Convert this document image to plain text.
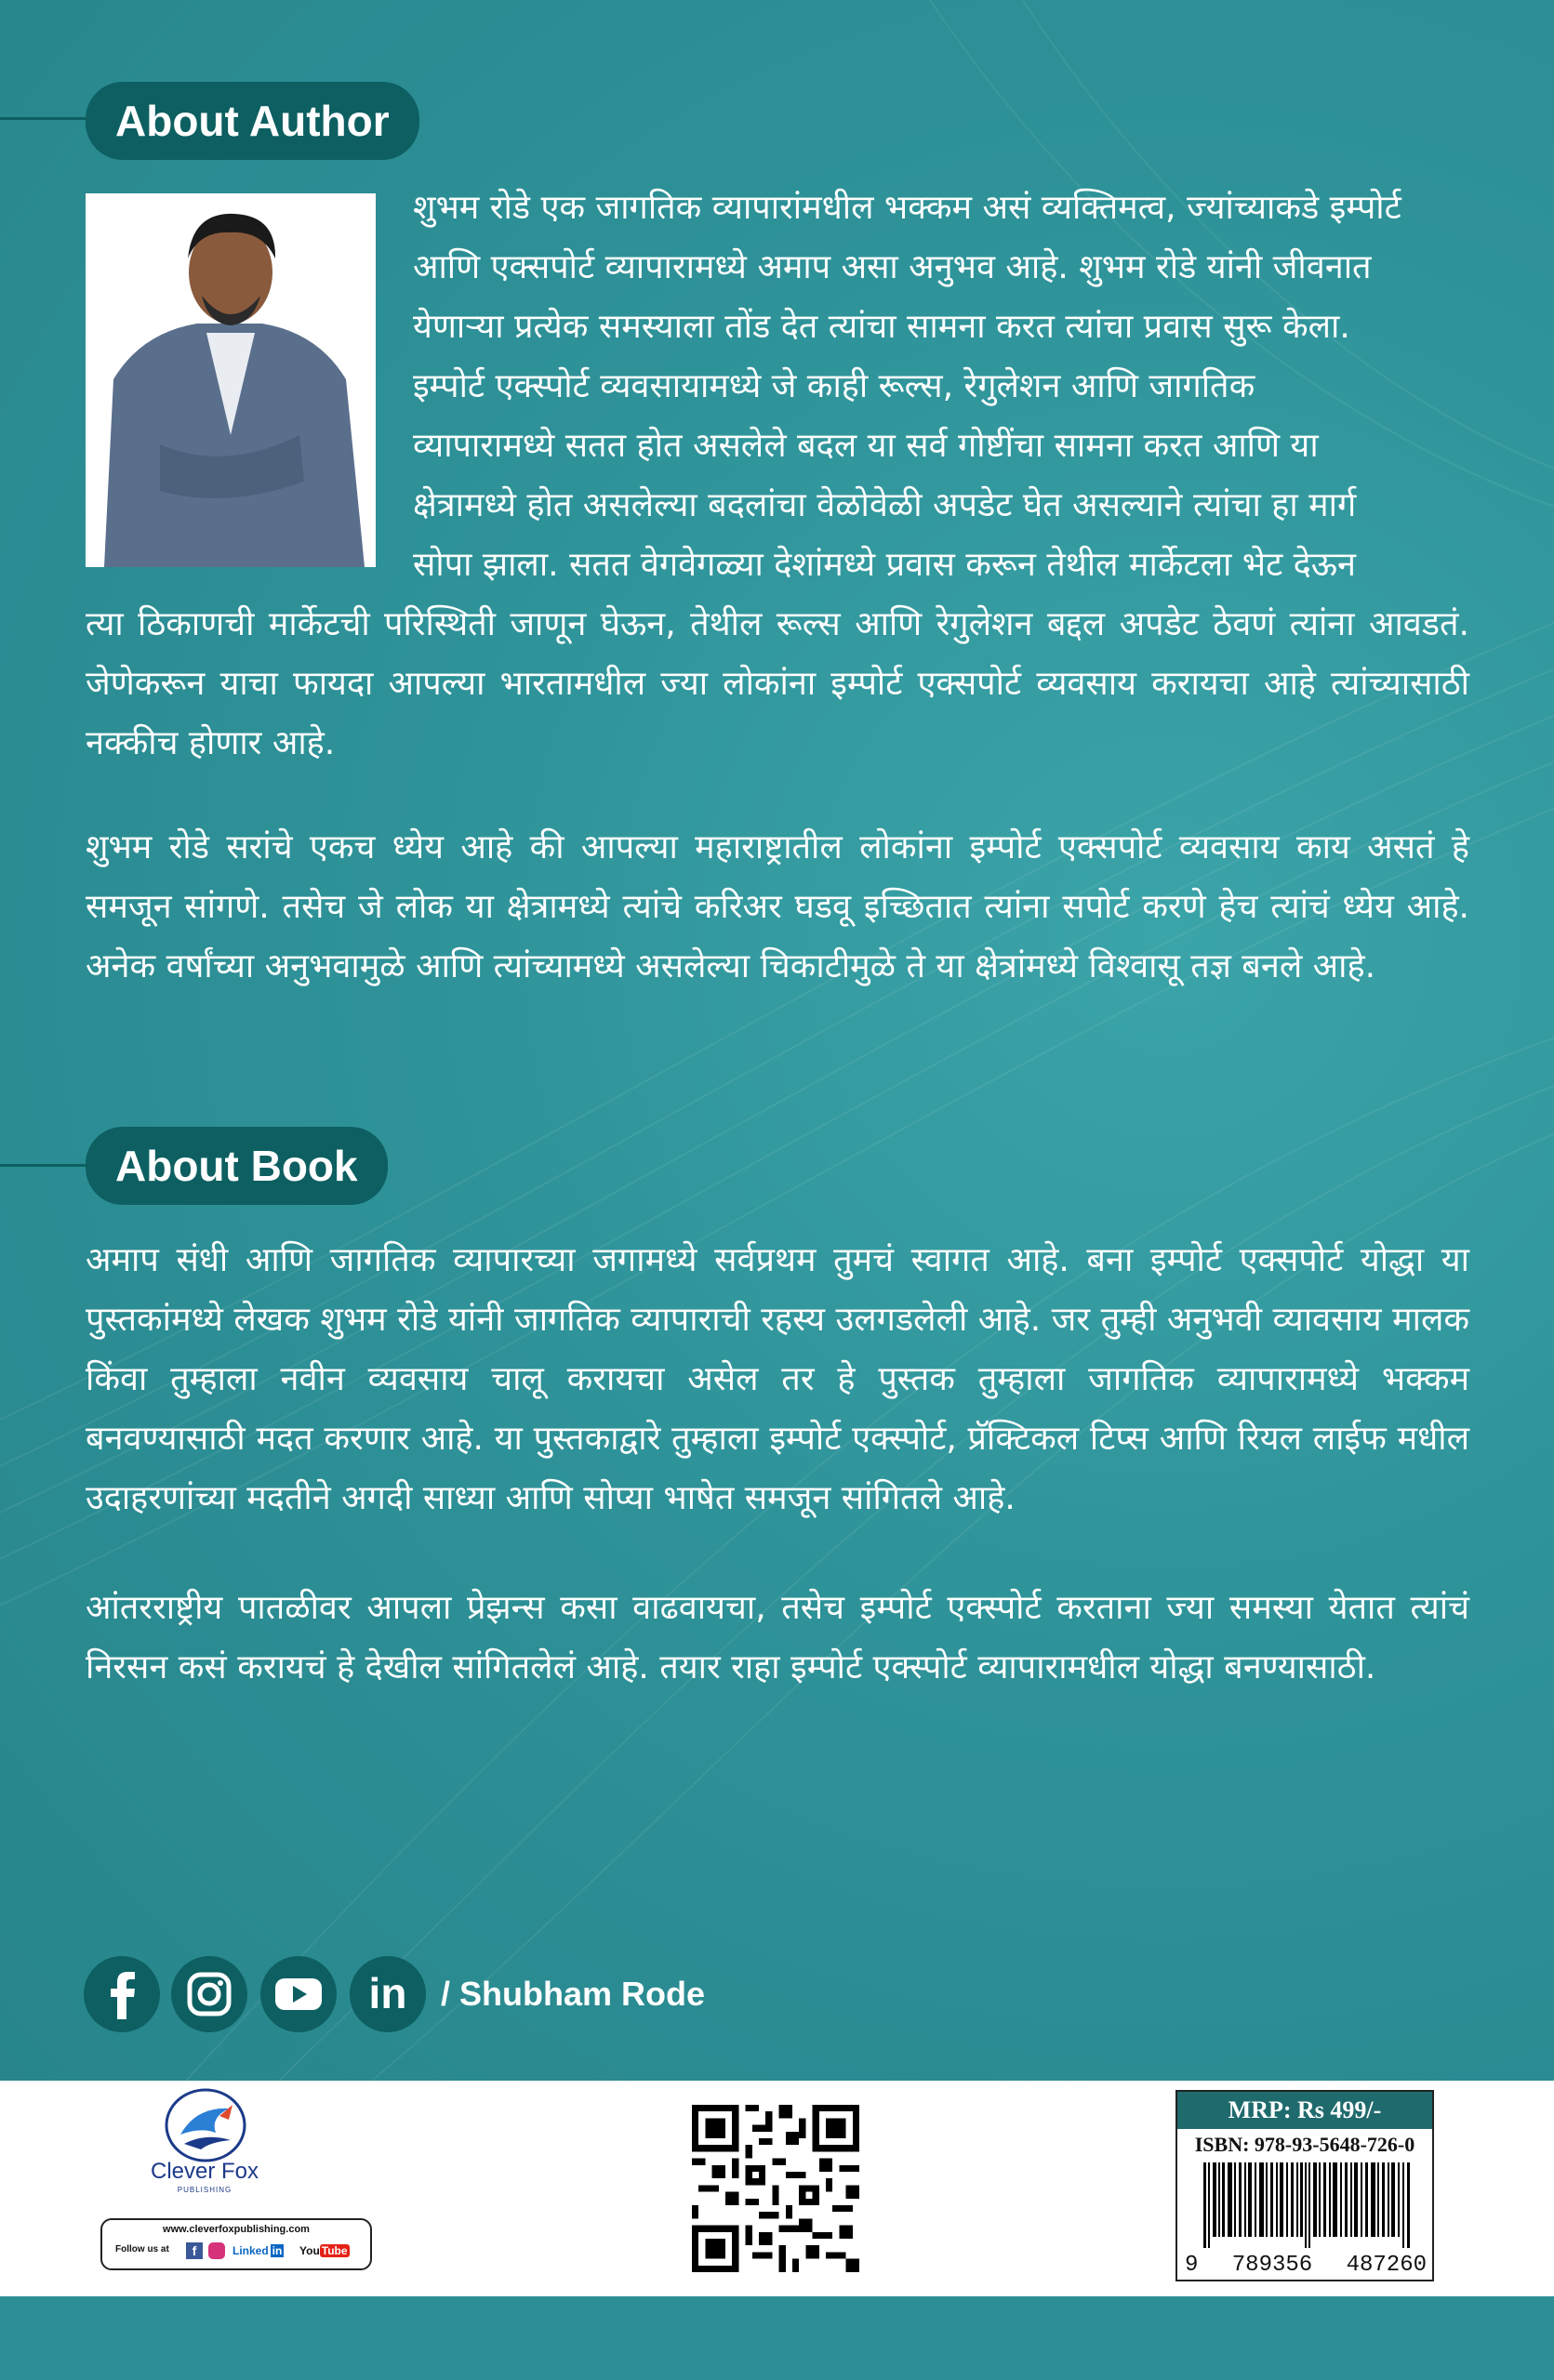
About Author

शुभम रोडे एक जागतिक व्यापारांमधील भक्कम असं व्यक्तिमत्व, ज्यांच्याकडे इम्पोर्ट
आणि एक्सपोर्ट व्यापारामध्ये अमाप असा अनुभव आहे. शुभम रोडे यांनी जीवनात
येणाऱ्या प्रत्येक समस्याला तोंड देत त्यांचा सामना करत त्यांचा प्रवास सुरू केला.
इम्पोर्ट एक्स्पोर्ट व्यवसायामध्ये जे काही रूल्स, रेगुलेशन आणि जागतिक
व्यापारामध्ये सतत होत असलेले बदल या सर्व गोष्टींचा सामना करत आणि या
क्षेत्रामध्ये होत असलेल्या बदलांचा वेळोवेळी अपडेट घेत असल्याने त्यांचा हा मार्ग
सोपा झाला. सतत वेगवेगळ्या देशांमध्ये प्रवास करून तेथील मार्केटला भेट देऊन

त्या ठिकाणची मार्केटची परिस्थिती जाणून घेऊन, तेथील रूल्स आणि रेगुलेशन बद्दल अपडेट ठेवणं त्यांना आवडतं. जेणेकरून याचा फायदा आपल्या भारतामधील ज्या लोकांना इम्पोर्ट एक्सपोर्ट व्यवसाय करायचा आहे त्यांच्यासाठी नक्कीच होणार आहे.

शुभम रोडे सरांचे एकच ध्येय आहे की आपल्या महाराष्ट्रातील लोकांना इम्पोर्ट एक्सपोर्ट व्यवसाय काय असतं हे समजून सांगणे. तसेच जे लोक या क्षेत्रामध्ये त्यांचे करिअर घडवू इच्छितात त्यांना सपोर्ट करणे हेच त्यांचं ध्येय आहे. अनेक वर्षांच्या अनुभवामुळे आणि त्यांच्यामध्ये असलेल्या चिकाटीमुळे ते या क्षेत्रांमध्ये विश्वासू तज्ञ बनले आहे.

About Book

अमाप संधी आणि जागतिक व्यापारच्या जगामध्ये सर्वप्रथम तुमचं स्वागत आहे. बना इम्पोर्ट एक्सपोर्ट योद्धा या पुस्तकांमध्ये लेखक शुभम रोडे यांनी जागतिक व्यापाराची रहस्य उलगडलेली आहे. जर तुम्ही अनुभवी व्यावसाय मालक किंवा तुम्हाला नवीन व्यवसाय चालू करायचा असेल तर हे पुस्तक तुम्हाला जागतिक व्यापारामध्ये भक्कम बनवण्यासाठी मदत करणार आहे. या पुस्तकाद्वारे तुम्हाला इम्पोर्ट एक्स्पोर्ट, प्रॅक्टिकल टिप्स आणि रियल लाईफ मधील उदाहरणांच्या मदतीने अगदी साध्या आणि सोप्या भाषेत समजून सांगितले आहे.

आंतरराष्ट्रीय पातळीवर आपला प्रेझन्स कसा वाढवायचा, तसेच इम्पोर्ट एक्स्पोर्ट करताना ज्या समस्या येतात त्यांचं निरसन कसं करायचं हे देखील सांगितलेलं आहे. तयार राहा इम्पोर्ट एक्स्पोर्ट व्यापारामधील योद्धा बनण्यासाठी.

in / Shubham Rode
Clever Fox
PUBLISHING
www.cleverfoxpublishing.com
Follow us at	f	Linked in You Tube
MRP: Rs 499/-
ISBN: 978-93-5648-726-0
9 789356 487260
